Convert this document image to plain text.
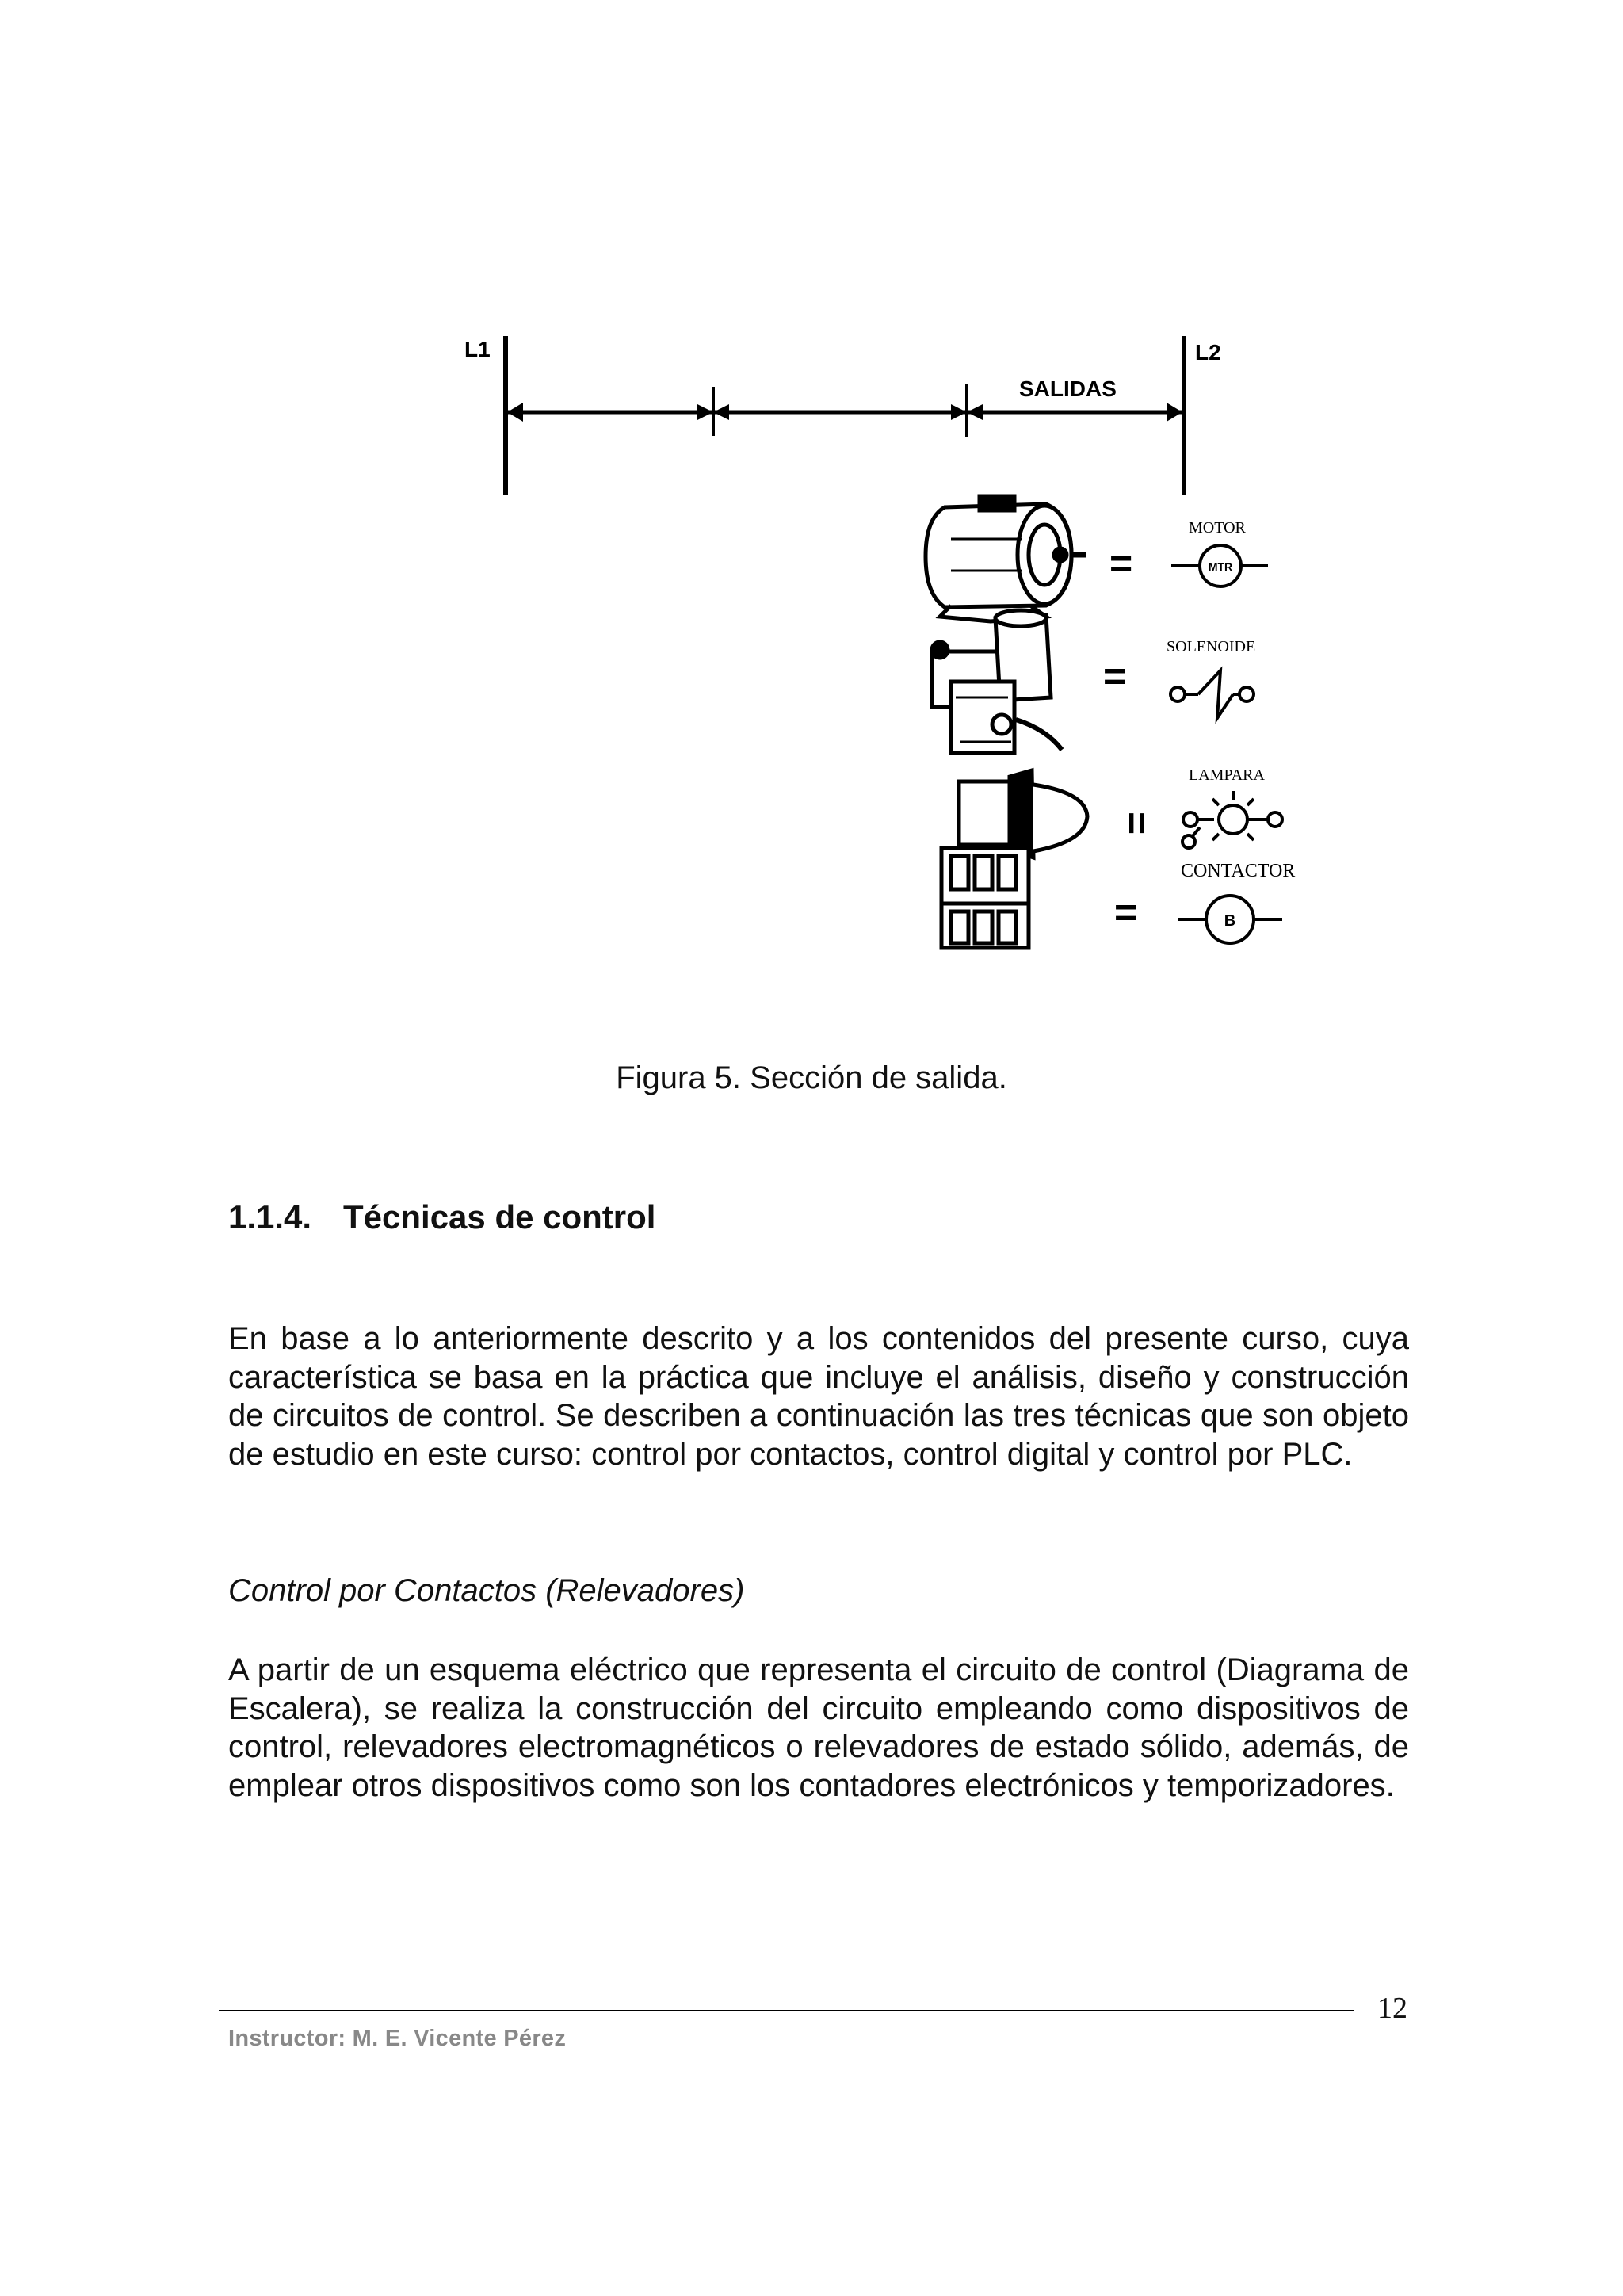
L1	L2
SALIDAS
=
=
=
=
MOTOR
SOLENOIDE
LAMPARA
CONTACTOR
MTR
B
Figura 5. Sección de salida.
1.1.4. Técnicas de control

En base a lo anteriormente descrito y a los contenidos del presente curso, cuya característica se basa en la práctica que incluye el análisis, diseño y construcción de circuitos de control. Se describen a continuación las tres técnicas que son objeto de estudio en este curso: control por contactos, control digital y control por PLC.

Control por Contactos (Relevadores)

A partir de un esquema eléctrico que representa el circuito de control (Diagrama de Escalera), se realiza la construcción del circuito empleando como dispositivos de control, relevadores electromagnéticos o relevadores de estado sólido, además, de emplear otros dispositivos como son los contadores electrónicos y temporizadores.

Instructor: M. E. Vicente Pérez
12
